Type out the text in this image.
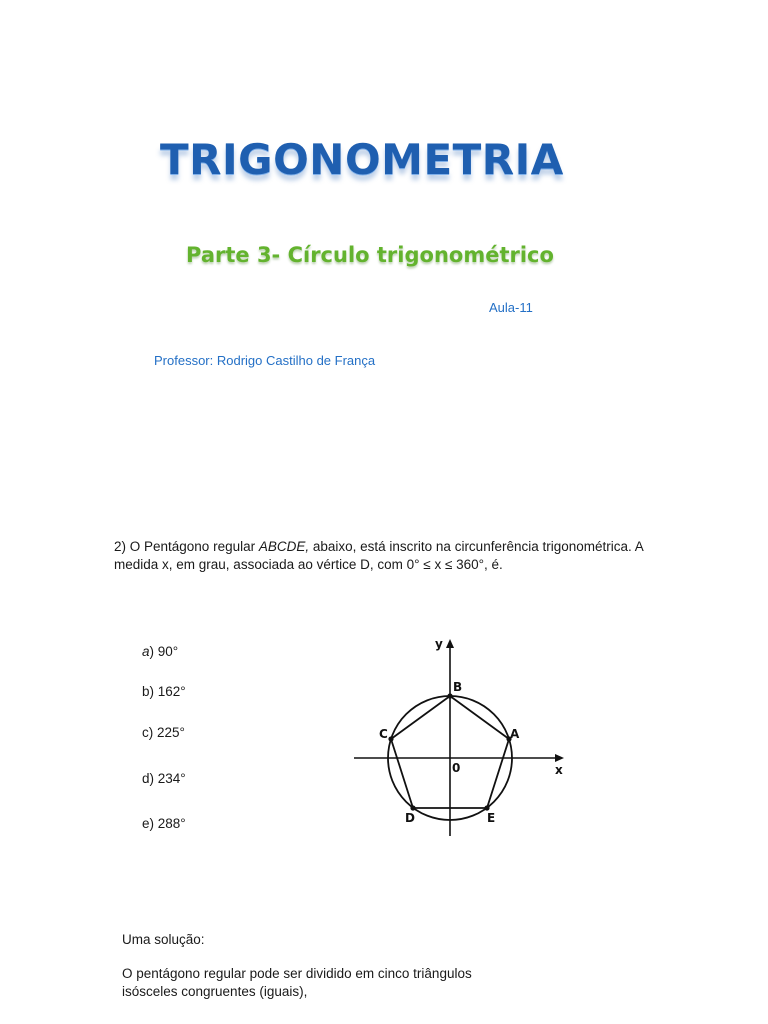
TRIGONOMETRIA
Parte 3- Círculo trigonométrico
Aula-11
Professor: Rodrigo Castilho de França
2) O Pentágono regular ABCDE, abaixo, está inscrito na circunferência trigonométrica. A
medida x, em grau, associada ao vértice D, com 0° ≤ x ≤ 360°, é.
a) 90°
b) 162°
c) 225°
d) 234°
e) 288°
y
x
0
B
A
C
D	E
Uma solução:
O pentágono regular pode ser dividido em cinco triângulos
isósceles congruentes (iguais),
